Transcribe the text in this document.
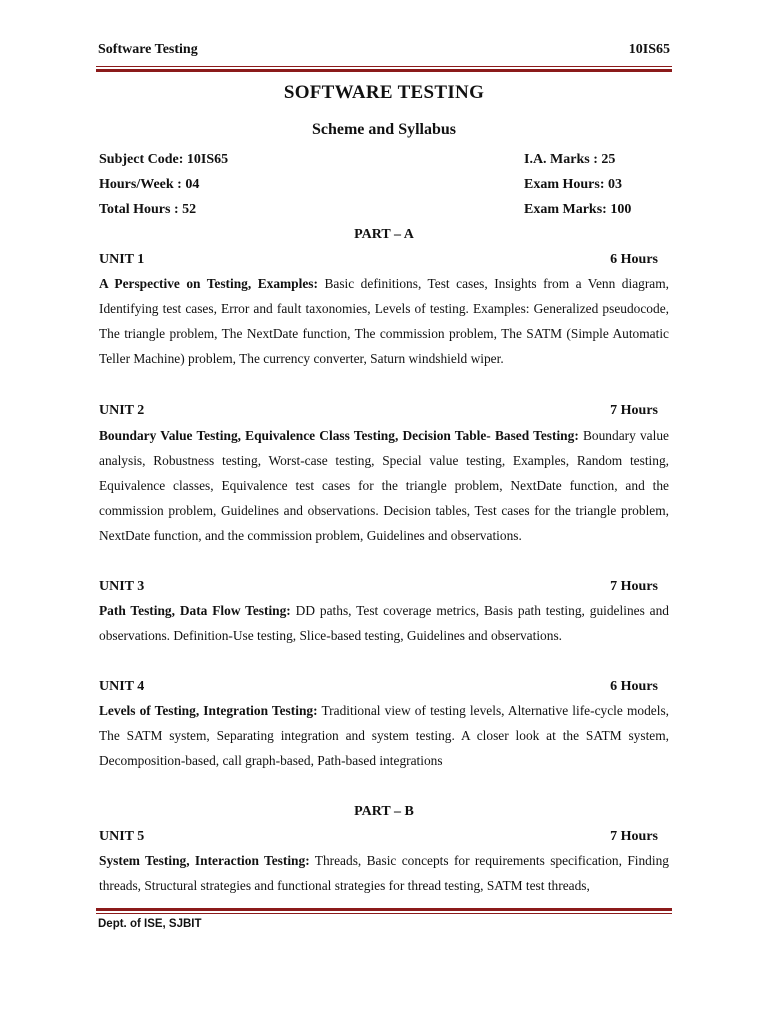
Software Testing	10IS65
SOFTWARE TESTING
Scheme and Syllabus
Subject Code: 10IS65	I.A. Marks : 25
Hours/Week : 04	Exam Hours: 03
Total Hours : 52	Exam Marks: 100
PART – A
UNIT 1	6 Hours

A Perspective on Testing, Examples: Basic definitions, Test cases, Insights from a Venn diagram, Identifying test cases, Error and fault taxonomies, Levels of testing. Examples: Generalized pseudocode, The triangle problem, The NextDate function, The commission problem, The SATM (Simple Automatic Teller Machine) problem, The currency converter, Saturn windshield wiper.

UNIT 2	7 Hours

Boundary Value Testing, Equivalence Class Testing, Decision Table- Based Testing: Boundary value analysis, Robustness testing, Worst-case testing, Special value testing, Examples, Random testing, Equivalence classes, Equivalence test cases for the triangle problem, NextDate function, and the commission problem, Guidelines and observations. Decision tables, Test cases for the triangle problem, NextDate function, and the commission problem, Guidelines and observations.

UNIT 3	7 Hours

Path Testing, Data Flow Testing: DD paths, Test coverage metrics, Basis path testing, guidelines and observations. Definition-Use testing, Slice-based testing, Guidelines and observations.

UNIT 4	6 Hours

Levels of Testing, Integration Testing: Traditional view of testing levels, Alternative life-cycle models, The SATM system, Separating integration and system testing. A closer look at the SATM system, Decomposition-based, call graph-based, Path-based integrations

PART – B
UNIT 5	7 Hours

System Testing, Interaction Testing: Threads, Basic concepts for requirements specification, Finding threads, Structural strategies and functional strategies for thread testing, SATM test threads,

Dept. of ISE, SJBIT
